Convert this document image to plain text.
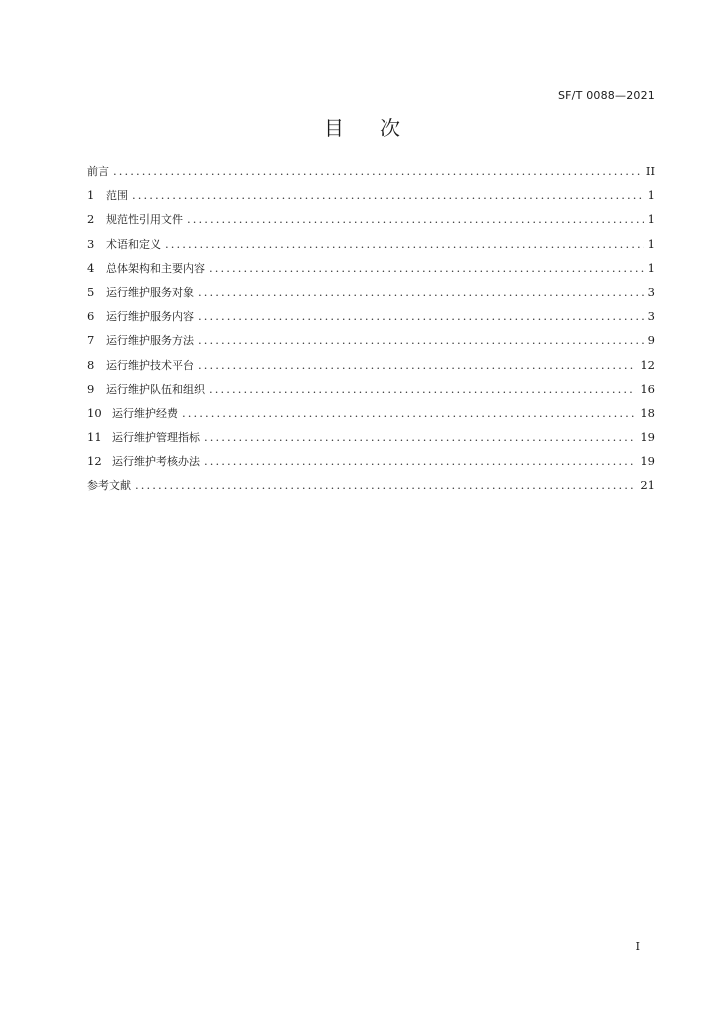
SF/T 0088—2021
目次
前言 .....	II
1	范围 .....	1
2	规范性引用文件 .....	1
3	术语和定义 .....	1
4	总体架构和主要内容 .....	1
5	运行维护服务对象 .....	3
6	运行维护服务内容 .....	3
7	运行维护服务方法 .....	9
8	运行维护技术平台 .....	12
9	运行维护队伍和组织 .....	16
10 运行维护经费 .....	18
11 运行维护管理指标 .....	19
12 运行维护考核办法 .....	19
参考文献 .....	21
I
